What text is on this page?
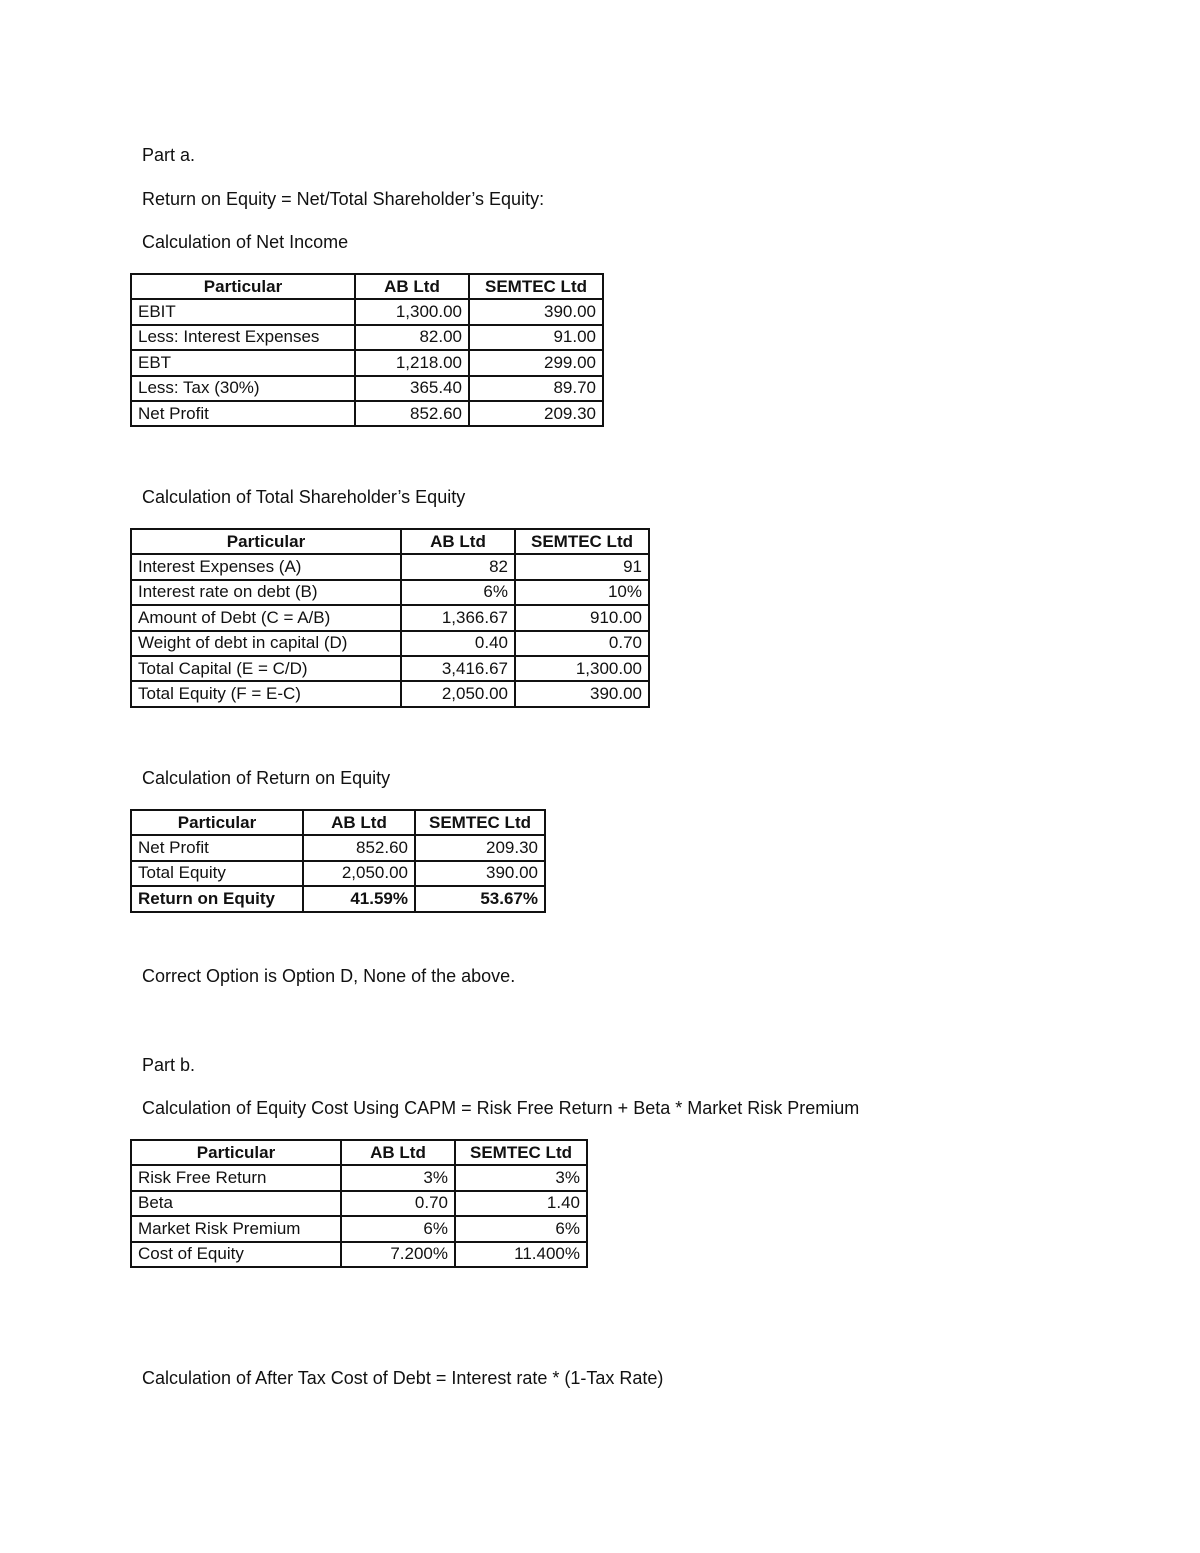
Part a.
Return on Equity = Net/Total Shareholder’s Equity:
Calculation of Net Income
Particular	AB Ltd	SEMTEC Ltd
EBIT	1,300.00	390.00
Less: Interest Expenses	82.00	91.00
EBT	1,218.00	299.00
Less: Tax (30%)	365.40	89.70
Net Profit	852.60	209.30
Calculation of Total Shareholder’s Equity
Particular	AB Ltd	SEMTEC Ltd
Interest Expenses (A)	82	91
Interest rate on debt (B)	6%	10%
Amount of Debt (C = A/B)	1,366.67	910.00
Weight of debt in capital (D)	0.40	0.70
Total Capital (E = C/D)	3,416.67	1,300.00
Total Equity (F = E-C)	2,050.00	390.00
Calculation of Return on Equity
Particular	AB Ltd	SEMTEC Ltd
Net Profit	852.60	209.30
Total Equity	2,050.00	390.00
Return on Equity	41.59%	53.67%
Correct Option is Option D, None of the above.
Part b.
Calculation of Equity Cost Using CAPM = Risk Free Return + Beta * Market Risk Premium
Particular	AB Ltd	SEMTEC Ltd
Risk Free Return	3%	3%
Beta	0.70	1.40
Market Risk Premium	6%	6%
Cost of Equity	7.200%	11.400%
Calculation of After Tax Cost of Debt = Interest rate * (1-Tax Rate)
